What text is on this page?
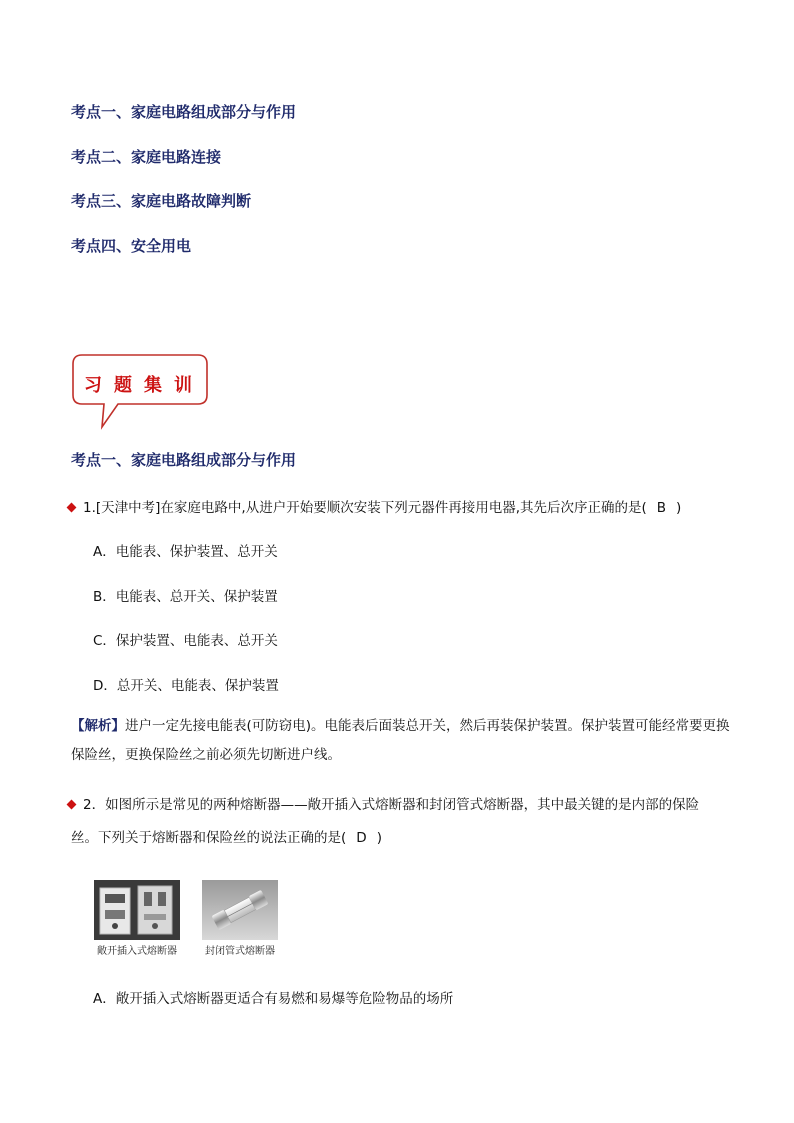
考点一、家庭电路组成部分与作用
考点二、家庭电路连接
考点三、家庭电路故障判断
考点四、安全用电
习题集训
考点一、家庭电路组成部分与作用
1.[天津中考]在家庭电路中,从进户开始要顺次安装下列元器件再接用电器,其先后次序正确的是( B )
A．电能表、保护装置、总开关
B．电能表、总开关、保护装置
C．保护装置、电能表、总开关
D．总开关、电能表、保护装置
【解析】进户一定先接电能表(可防窃电)。电能表后面装总开关，然后再装保护装置。保护装置可能经常要更换保险丝，更换保险丝之前必须先切断进户线。
2．如图所示是常见的两种熔断器——敞开插入式熔断器和封闭管式熔断器，其中最关键的是内部的保险
丝。下列关于熔断器和保险丝的说法正确的是( D )
敞开插入式熔断器	封闭管式熔断器
A．敞开插入式熔断器更适合有易燃和易爆等危险物品的场所
